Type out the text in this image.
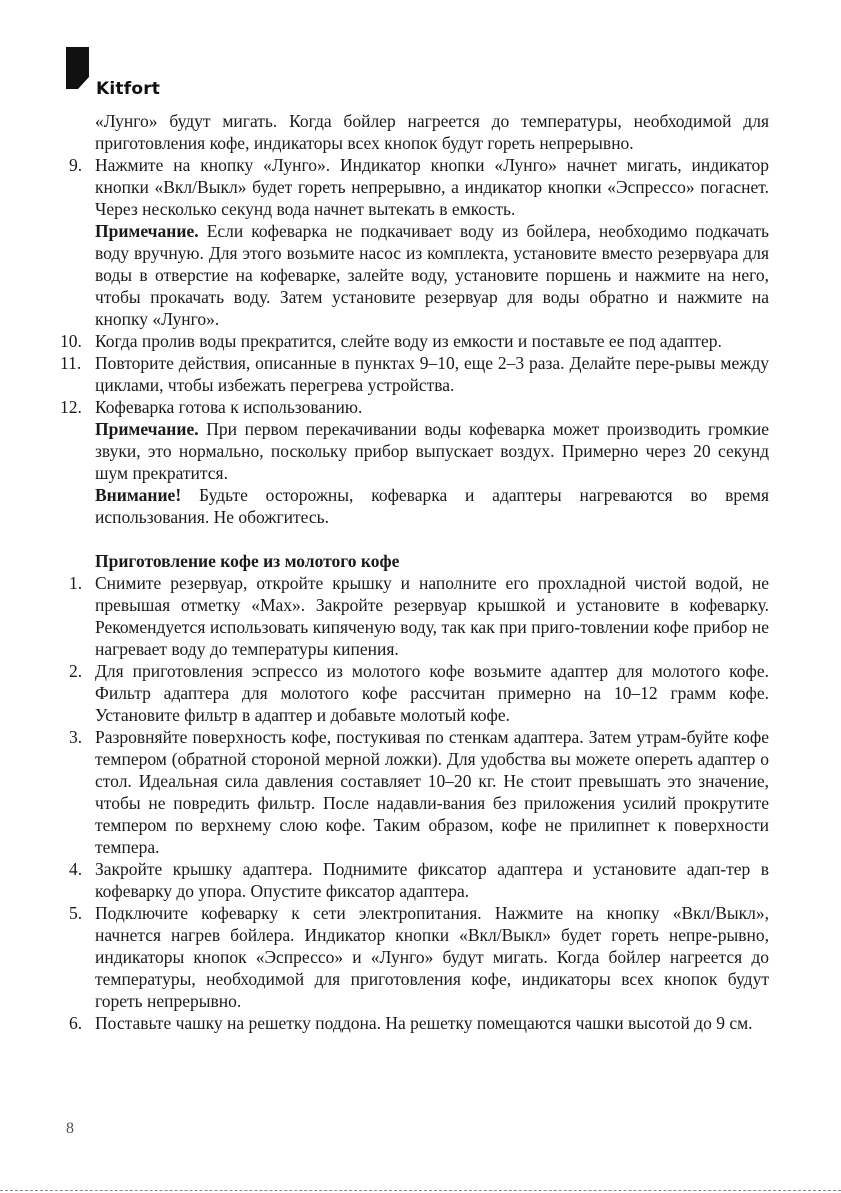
Kitfort

«Лунго» будут мигать. Когда бойлер нагреется до температуры, необходимой для приготовления кофе, индикаторы всех кнопок будут гореть непрерывно.

9. Нажмите на кнопку «Лунго». Индикатор кнопки «Лунго» начнет мигать, индикатор кнопки «Вкл/Выкл» будет гореть непрерывно, а индикатор кнопки «Эспрессо» погаснет. Через несколько секунд вода начнет вытекать в емкость.

Примечание. Если кофеварка не подкачивает воду из бойлера, необходимо подкачать воду вручную. Для этого возьмите насос из комплекта, установите вместо резервуара для воды в отверстие на кофеварке, залейте воду, установите поршень и нажмите на него, чтобы прокачать воду. Затем установите резервуар для воды обратно и нажмите на кнопку «Лунго».

10. Когда пролив воды прекратится, слейте воду из емкости и поставьте ее под адаптер.
11. Повторите действия, описанные в пунктах 9–10, еще 2–3 раза. Делайте пере-рывы между циклами, чтобы избежать перегрева устройства.
12. Кофеварка готова к использованию.

Примечание. При первом перекачивании воды кофеварка может производить громкие звуки, это нормально, поскольку прибор выпускает воздух. Примерно через 20 секунд шум прекратится.

Внимание! Будьте осторожны, кофеварка и адаптеры нагреваются во время использования. Не обожгитесь.

Приготовление кофе из молотого кофе

1. Снимите резервуар, откройте крышку и наполните его прохладной чистой водой, не превышая отметку «Max». Закройте резервуар крышкой и установите в кофеварку. Рекомендуется использовать кипяченую воду, так как при приго-товлении кофе прибор не нагревает воду до температуры кипения.
2. Для приготовления эспрессо из молотого кофе возьмите адаптер для молотого кофе. Фильтр адаптера для молотого кофе рассчитан примерно на 10–12 грамм кофе. Установите фильтр в адаптер и добавьте молотый кофе.
3. Разровняйте поверхность кофе, постукивая по стенкам адаптера. Затем утрам-буйте кофе темпером (обратной стороной мерной ложки). Для удобства вы можете опереть адаптер о стол. Идеальная сила давления составляет 10–20 кг. Не стоит превышать это значение, чтобы не повредить фильтр. После надавли-вания без приложения усилий прокрутите темпером по верхнему слою кофе. Таким образом, кофе не прилипнет к поверхности темпера.
4. Закройте крышку адаптера. Поднимите фиксатор адаптера и установите адап-тер в кофеварку до упора. Опустите фиксатор адаптера.
5. Подключите кофеварку к сети электропитания. Нажмите на кнопку «Вкл/Выкл», начнется нагрев бойлера. Индикатор кнопки «Вкл/Выкл» будет гореть непре-рывно, индикаторы кнопок «Эспрессо» и «Лунго» будут мигать. Когда бойлер нагреется до температуры, необходимой для приготовления кофе, индикаторы всех кнопок будут гореть непрерывно.
6. Поставьте чашку на решетку поддона. На решетку помещаются чашки высотой до 9 см.
8
